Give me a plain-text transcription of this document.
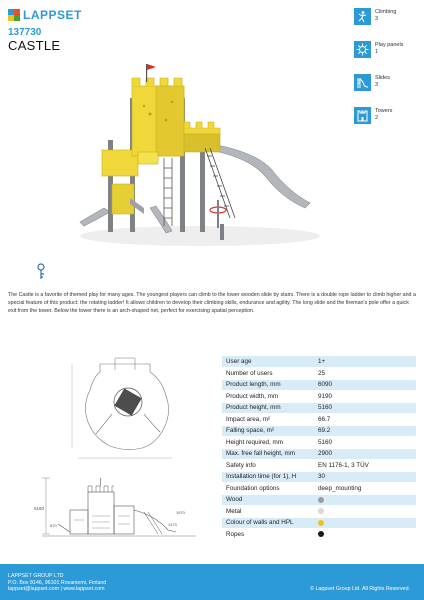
LAPPSET
137730
CASTLE
Climbing
3
Play panels
1
Slides
3
Towers
2

The Castle is a favorite of themed play for many ages. The youngest players can climb to the lower wooden slide by stairs. There is a double rope ladder to climb higher and a special feature of this product: the rotating ladder! It allows children to develop their climbing skills, endurance and agility. The long slide and the fireman's pole offer a quick exit from the tower. Below the tower there is an arch-shaped net, perfect for exercising spatial perception.

5160
1970
870	1470
User age	1+
Number of users	25
Product length, mm	6090
Product width, mm	9190
Product height, mm	5160
Impact area, m²	66.7
Falling space, m²	69.2
Height required, mm	5160
Max. free fall height, mm	2900
Safety info	EN 1176-1, 3 TÜV
Installation time (for 1), H	30
Foundation options	deep_mounting
Wood	
Metal	
Colour of walls and HPL	
Ropes	
LAPPSET GROUP LTD
P.O. Box 8146, 96101 Rovaniemi, Finland
lappset@lappset.com | www.lappset.com	© Lappset Group Ltd. All Rights Reserved.
